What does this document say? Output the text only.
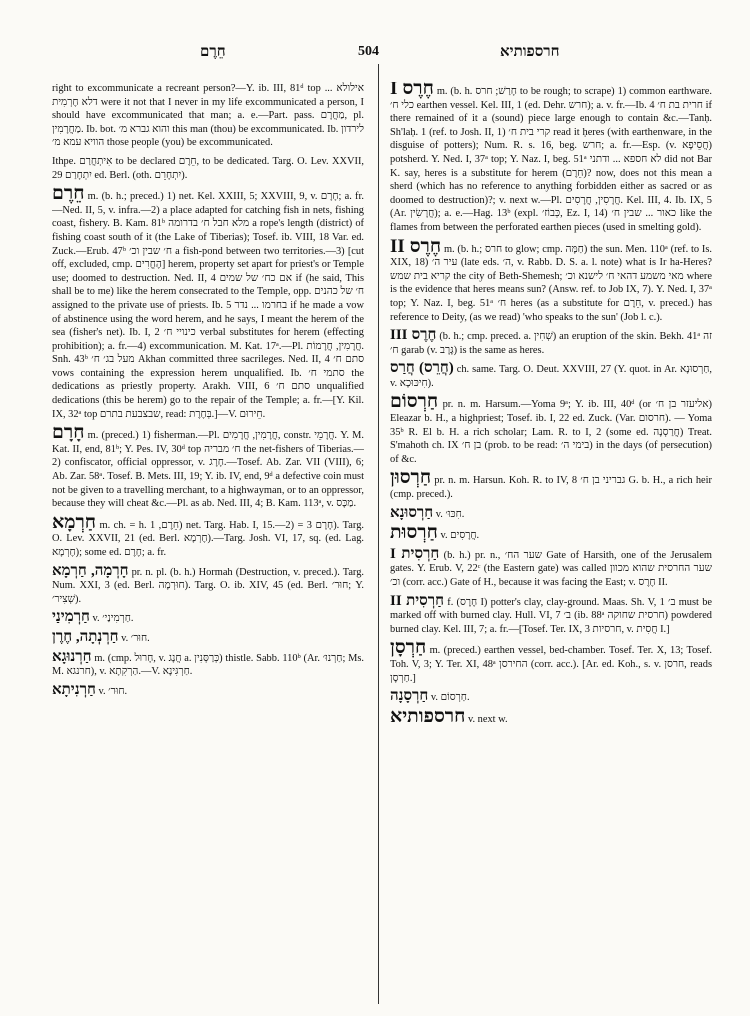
חֵרֶם	504	חרספותיא

right to excommunicate a recreant person?—Y. ib. III, 81ᵈ top ... אילולא דלא חֶרְמִית were it not that I never in my life excommunicated a person, I should have excommunicated that man; a. e.—Part. pass. מַחֲרָם, pl. מַחֲרָמִין. Ib. bot. והוא גברא מ׳ this man (thou) be excommunicated. Ib. לירדון הוויא עמא מ׳ those people (you) be excommunicated.

Ithpe. אִיתְחֲרַם to be declared חֵרֶם, to be dedicated. Targ. O. Lev. XXVII, 29 יִתְחָרַם ed. Berl. (oth. יִתְחָרֵם).

חֵרֶם m. (b. h.; preced.) 1) net. Kel. XXIII, 5; XXVIII, 9, v. חָרָם; a. fr.—Ned. II, 5, v. infra.—2) a place adapted for catching fish in nets, fishing coast, fishery. B. Kam. 81ᵇ מלא חבל ח׳ בדרומה a rope's length (district) of fishing coast south of it (the Lake of Tiberias); Tosef. ib. VIII, 18 Var. ed. Zuck.—Erub. 47ᵇ ח׳ שבין וכ׳ a fish-pond between two territories.—3) [cut off, excluded, cmp. הֶחֱרִים] herem, property set apart for priest's or Temple use; doomed to destruction. Ned. II, 4 אם כח׳ של שמים if (he said, This shall be to me) like the herem consecrated to the Temple, opp. ח׳ של כהנים assigned to the private use of priests. Ib. 5 בחרמו ... נדר if he made a vow of abstinence using the word herem, and he says, I meant the herem of the sea (fisher's net). Ib. I, 2 כינויי ח׳ verbal substitutes for herem (effecting prohibition); a. fr.—4) excommunication. M. Kat. 17ᵃ.—Pl. חֲרָמִין, חֲרָמוֹת. Snh. 43ᵇ מעל בג׳ ח׳ Akhan committed three sacrileges. Ned. II, 4 סתם ח׳ vows containing the expression herem unqualified. Ib. סתמי ח׳ the dedications as priestly property. Arakh. VIII, 6 סתם ח׳ unqualified dedications (this be herem) go to the repair of the Temple; a. fr.—[Y. Kil. IX, 32ᵃ top שבצבעת בתרם, read: בְּחֶרֶת.]—V. חֵירוּם.

חָרָם m. (preced.) 1) fisherman.—Pl. חֲרָמִין, חֲרָמִים, constr. חֲרָמֵי. Y. M. Kat. II, end, 81ᵇ; Y. Pes. IV, 30ᵈ top ח׳ מבריה the net-fishers of Tiberias.—2) confiscator, official oppressor, v. חָרָג.—Tosef. Ab. Zar. VII (VIII), 6; Ab. Zar. 58ᵃ. Tosef. B. Mets. III, 19; Y. ib. IV, end, 9ᵈ a defective coin must not be given to a travelling merchant, to a highwayman, or to an oppressor, because they will cheat &c.—Pl. as ab. Ned. III, 4; B. Kam. 113ᵃ, v. מַכָּס.

חַרְמָא m. ch. = h. חֵרֶם, 1) net. Targ. Hab. I, 15.—2) = חָרָם 3). Targ. O. Lev. XXVII, 21 (ed. Berl. חֶרְמָא).—Targ. Josh. VI, 17, sq. (ed. Lag. חֶרְמָא); some ed. חֶרֶם; a. fr.

חָרְמָה, חַרְמָא pr. n. pl. (b. h.) Hormah (Destruction, v. preced.). Targ. Num. XXI, 3 (ed. Berl. חוּרְמָה). Targ. O. ib. XIV, 45 (ed. Berl. חוּר׳; Y. שְׁצִיר׳).

חַרְמִינַי v. חַרְמִינַי׳.

חַרְנְתָה, חֶרֶן v. חוּר׳.

חַרְנוּגָא m. (cmp. חָרוּל, v. חֲנָג a. כְּרַסְּנִין) thistle. Sabb. 110ᵇ (Ar. חַרְנוּ׳; Ms. M. חרנגא), v. הַרְקִתָא.—V. חַרְגִּינָא.

חַרְנִיתָא v. חוּר׳.

חֶרֶס I m. (b. h. חָרַשׁ; חרס to be rough; to scrape) 1) common earthware. כלי ח׳ earthen vessel. Kel. III, 1 (ed. Dehr. חרש); a. v. fr.—Ib. 4 חרית בת ח׳ if there remained of it a (sound) piece large enough to contain &c.—Tanḥ. Sh'laḥ. 1 (ref. to Josh. II, 1) קרי בית ח׳ read it ḥeres (with earthenware, in the disguise of potters); Num. R. s. 16, beg. חרש; a. fr.—Esp. (v. חֲסֵיפָא) potsherd. Y. Ned. I, 37ᵃ top; Y. Naz. I, beg. 51ᵃ לא חספא ... ודתני did not Bar K. say, heres is a substitute for herem (חֵרֶם)? now, does not this mean a sherd (which has no reference to anything forbidden either as sacred or as doomed to destruction)?; v. next w.—Pl. חֲרָסִין, חֲרָסִים. Kel. III, 4. Ib. IX, 5 (Ar. חֲרָשִׂין); a. e.—Hag. 13ᵇ (expl. כְּבוֹז׳, Ez. I, 14) כאור ... שבין ח׳ like the flames from between the perforated earthen pieces (used in smelting gold).

חֶרֶס II m. (b. h.; חרס to glow; cmp. חַמָּה) the sun. Men. 110ᵃ (ref. to Is. XIX, 18) עיר ה׳ (late eds. ה׳, v. Rabb. D. S. a. l. note) what is Ir ha-Heres? קריא בית שמש the city of Beth-Shemesh; מאי משמע דהאי ח׳ לישנא וכ׳ where is the evidence that heres means sun? (Answ. ref. to Job IX, 7). Y. Ned. I, 37ᵃ top; Y. Naz. I, beg. 51ᵃ ח׳ heres (as a substitute for חֵרֶם, v. preced.) has reference to Deity, (as we read) 'who speaks to the sun' (Job l. c.).

חֶרֶס III (b. h.; cmp. preced. a. שְׁחִין) an eruption of the skin. Bekh. 41ᵃ זה ח׳ garab (v. גָּרָב) is the same as heres.

(חֲרֵס) חֲרַס ch. same. Targ. O. Deut. XXVIII, 27 (Y. quot. in Ar. חַרְסוּנָא, v. חִיכּוּכָא).

חַרְסוֹם pr. n. m. Harsum.—Yoma 9ᵃ; Y. ib. III, 40ᵈ (or אליעזר בן ח׳) Eleazar b. H., a highpriest; Tosef. ib. I, 22 ed. Zuck. (Var. חרסום). — Yoma 35ᵇ R. El b. H. a rich scholar; Lam. R. to I, 2 (some ed. חֲרַסְנָה) Treat. S'mahoth ch. IX בן ח׳ (prob. to be read: בימי ה׳) in the days (of persecution) of &c.

חַרְסוּן pr. n. m. Harsun. Koh. R. to IV, 8 גבריני בן ח׳ G. b. H., a rich heir (cmp. preced.).

חַרְסוּנָא v. חִכּוּ׳.

חַרְסוּת v. חֲרָסִים.

חַרְסִית I (b. h.) pr. n., שער הח׳ Gate of Harsith, one of the Jerusalem gates. Y. Erub. V, 22ᶜ (the Eastern gate) was called שער החרסית שהוא מכוון וכ׳ (corr. acc.) Gate of H., because it was facing the East; v. חֶרֶס II.

חַרְסִית II f. (חֶרֶס I) potter's clay, clay-ground. Maas. Sh. V, 1 ב׳ must be marked off with burned clay. Hull. VI, 7 ב׳ (ib. 88ᵃ חרסית שחוקה) powdered burned clay. Kel. III, 7; a. fr.—[Tosef. Ter. IX, 3 חרסיות, v. חֲסִית I.]

חַרְסָן m. (preced.) earthen vessel, bed-chamber. Tosef. Ter. X, 13; Tosef. Toh. V, 3; Y. Ter. XI, 48ᵃ החירסן (corr. acc.). [Ar. ed. Koh., s. v. חרסן, reads חַרְסָן.]

חַרְסָנָה v. חַרְסוֹם.

חרספותיא v. next w.
